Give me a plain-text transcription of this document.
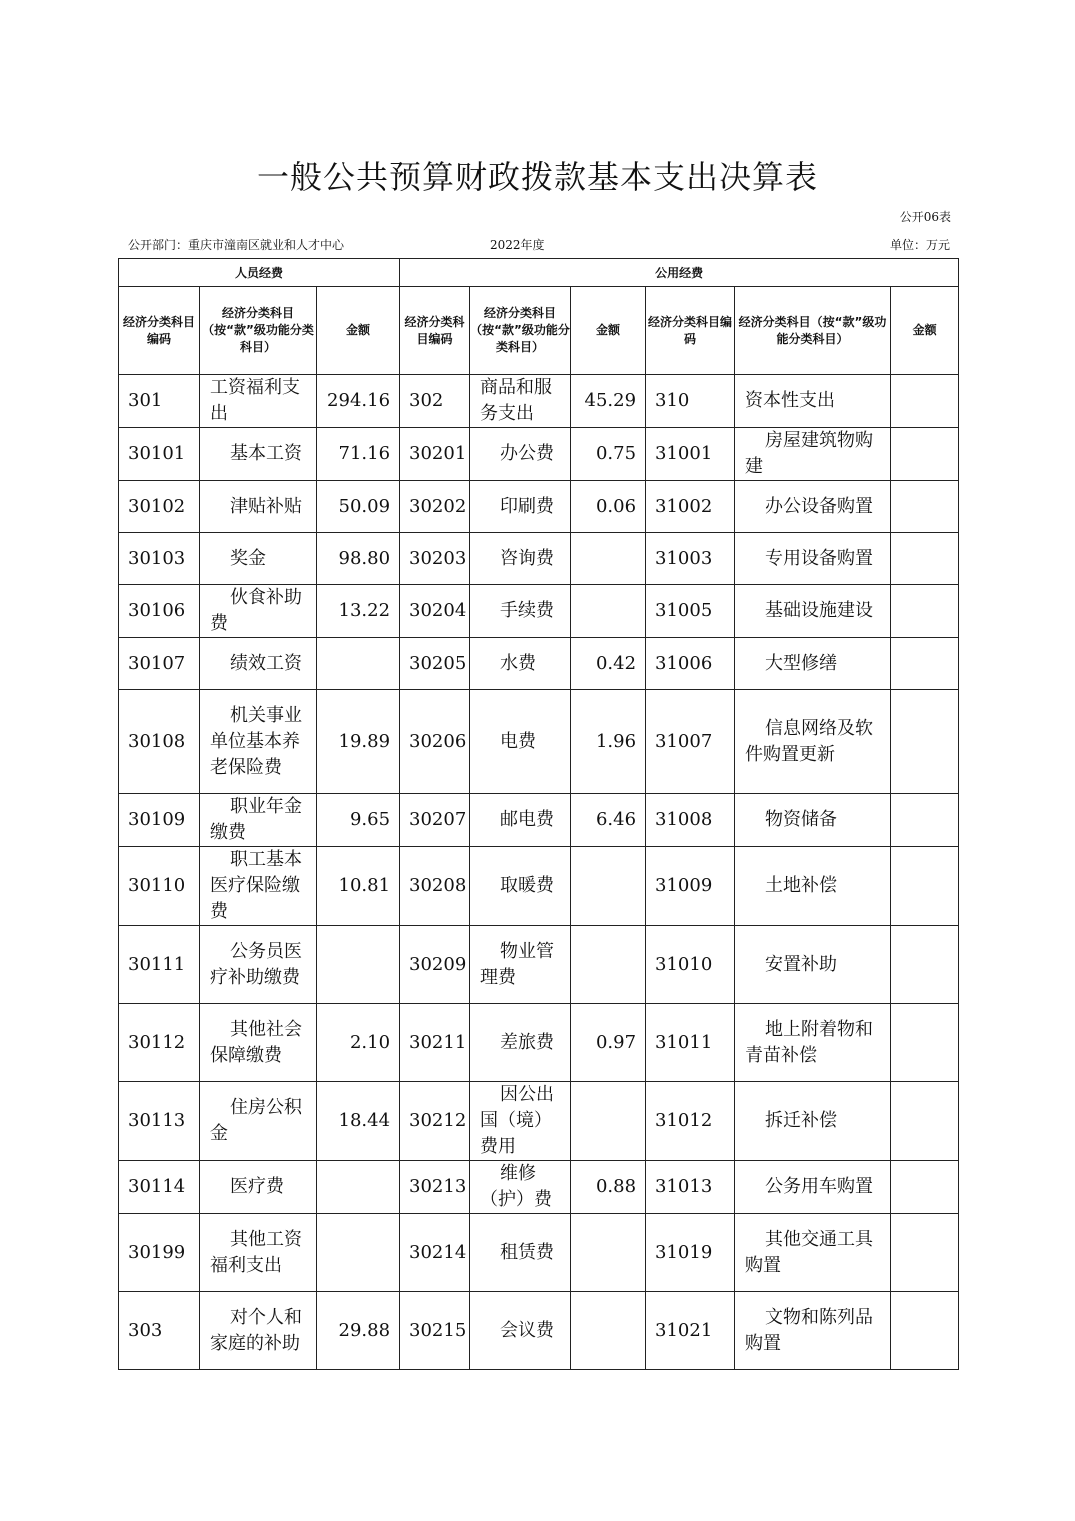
一般公共预算财政拨款基本支出决算表
公开06表
公开部门：重庆市潼南区就业和人才中心	2022年度	单位：万元
人员经费			公用经费					
经济分类科目编码	经济分类科目（按“款”级功能分类科目）	金额	经济分类科目编码	经济分类科目（按“款”级功能分类科目）	金额	经济分类科目编码	经济分类科目（按“款”级功能分类科目）	金额
301	工资福利支出	294.16	302	商品和服务支出	45.29	310	资本性支出	
30101	基本工资	71.16	30201	办公费	0.75	31001	房屋建筑物购建	
30102	津贴补贴	50.09	30202	印刷费	0.06	31002	办公设备购置	
30103	奖金	98.80	30203	咨询费		31003	专用设备购置	
30106	伙食补助费	13.22	30204	手续费		31005	基础设施建设	
30107	绩效工资		30205	水费	0.42	31006	大型修缮	
30108	机关事业单位基本养老保险费	19.89	30206	电费	1.96	31007	信息网络及软件购置更新	
30109	职业年金缴费	9.65	30207	邮电费	6.46	31008	物资储备	
30110	职工基本医疗保险缴费	10.81	30208	取暖费		31009	土地补偿	
30111	公务员医疗补助缴费		30209	物业管理费		31010	安置补助	
30112	其他社会保障缴费	2.10	30211	差旅费	0.97	31011	地上附着物和青苗补偿	
30113	住房公积金	18.44	30212	因公出国（境）费用		31012	拆迁补偿	
30114	医疗费		30213	维修（护）费	0.88	31013	公务用车购置	
30199	其他工资福利支出		30214	租赁费		31019	其他交通工具购置	
303	对个人和家庭的补助	29.88	30215	会议费		31021	文物和陈列品购置	
